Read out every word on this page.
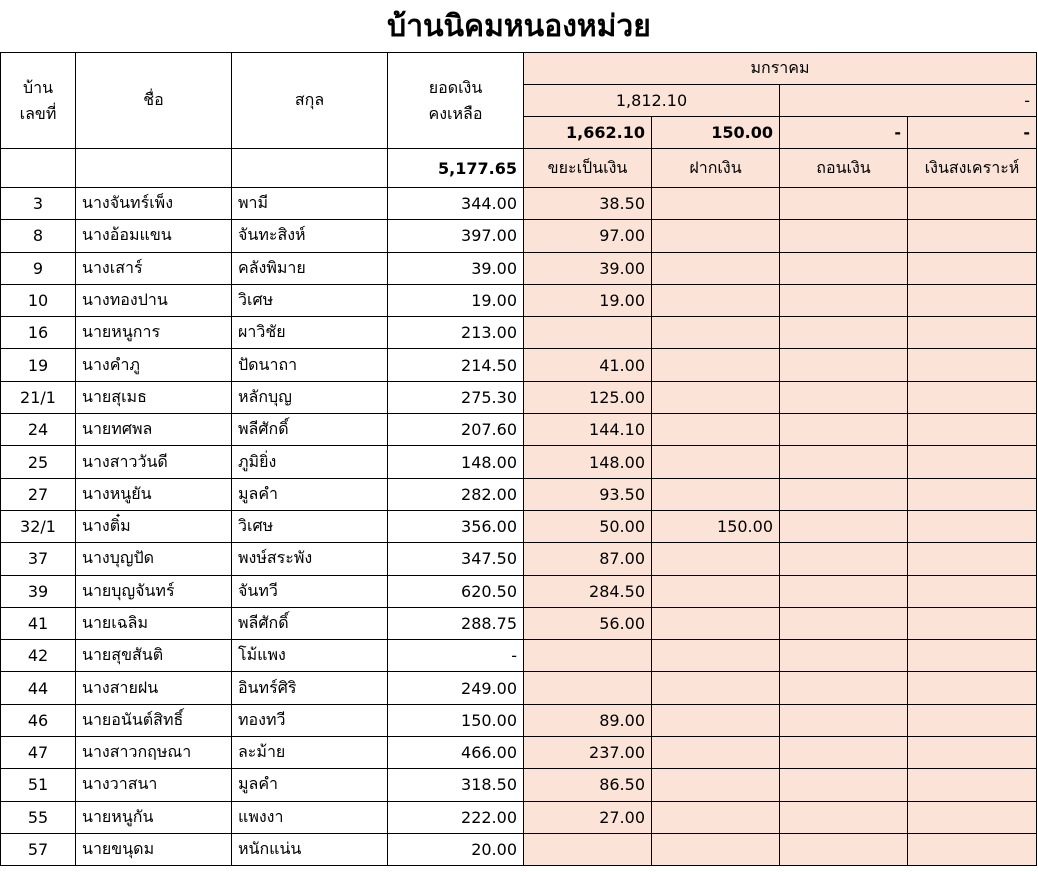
บ้านนิคมหนองหม่วย
บ้าน
เลขที่	ชื่อ	สกุล	ยอดเงิน
คงเหลือ	มกราคม			
				1,812.10		-	
				1,662.10	150.00	-	-
			5,177.65	ขยะเป็นเงิน	ฝากเงิน	ถอนเงิน	เงินสงเคราะห์
3	นางจันทร์เพ็ง	พามี	344.00	38.50			
8	นางอ้อมแขน	จันทะสิงห์	397.00	97.00			
9	นางเสาร์	คลังพิมาย	39.00	39.00			
10	นางทองปาน	วิเศษ	19.00	19.00			
16	นายหนูการ	ผาวิชัย	213.00				
19	นางคำภู	ปัดนาถา	214.50	41.00			
21/1	นายสุเมธ	หลักบุญ	275.30	125.00			
24	นายทศพล	พลีศักดิ์	207.60	144.10			
25	นางสาววันดี	ภูมิยิ่ง	148.00	148.00			
27	นางหนูยัน	มูลคำ	282.00	93.50			
32/1	นางติ๋ม	วิเศษ	356.00	50.00	150.00		
37	นางบุญปัด	พงษ์สระพัง	347.50	87.00			
39	นายบุญจันทร์	จันทวี	620.50	284.50			
41	นายเฉลิม	พลีศักดิ์	288.75	56.00			
42	นายสุขสันติ	โม้แพง	-				
44	นางสายฝน	อินทร์ศิริ	249.00				
46	นายอนันต์สิทธิ์	ทองทวี	150.00	89.00			
47	นางสาวกฤษณา	ละม้าย	466.00	237.00			
51	นางวาสนา	มูลคำ	318.50	86.50			
55	นายหนูกัน	แพงงา	222.00	27.00			
57	นายขนุดม	หนักแน่น	20.00				
